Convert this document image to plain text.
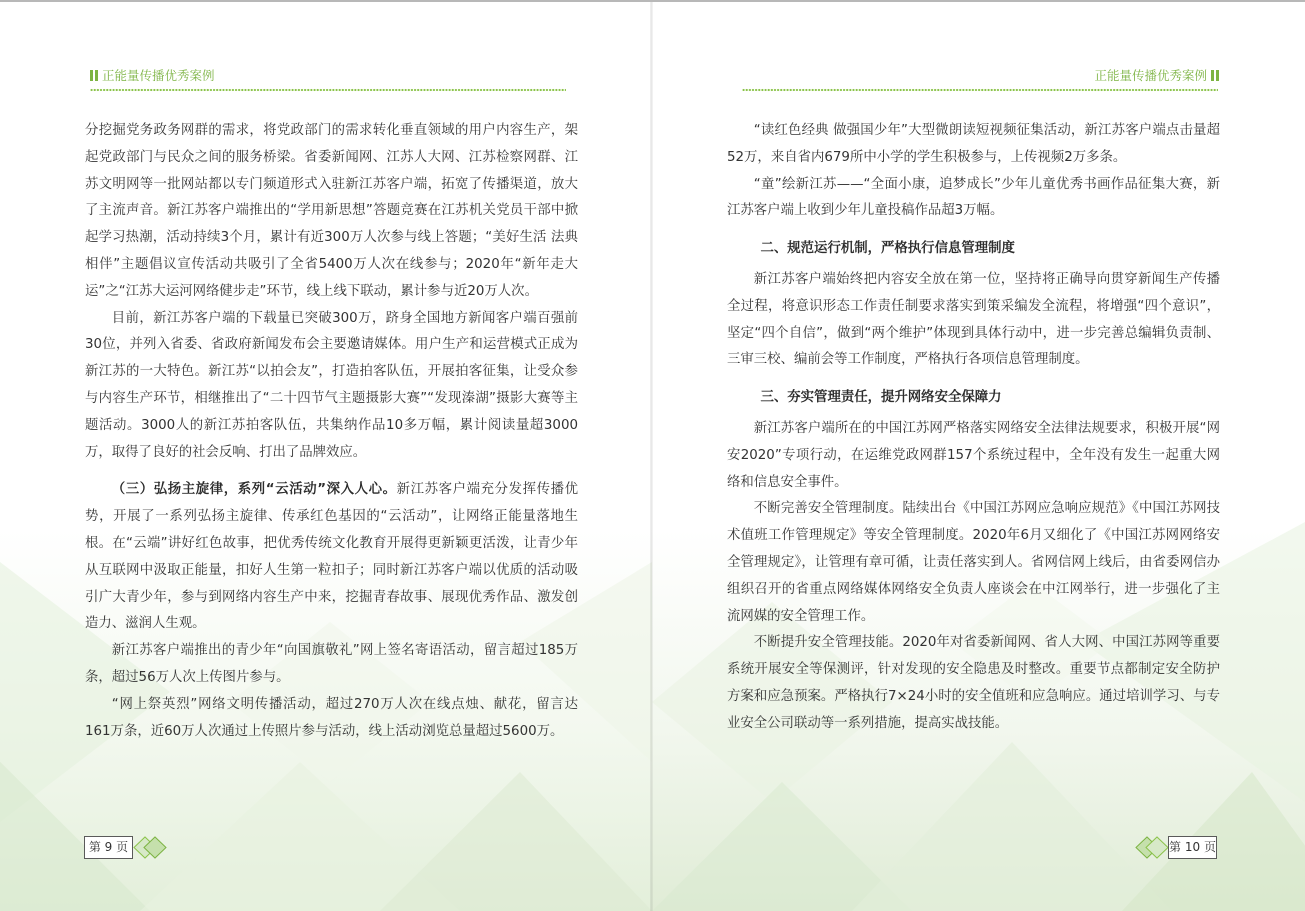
正能量传播优秀案例

分挖掘党务政务网群的需求，将党政部门的需求转化垂直领域的用户内容生产，架起党政部门与民众之间的服务桥梁。省委新闻网、江苏人大网、江苏检察网群、江苏文明网等一批网站都以专门频道形式入驻新江苏客户端，拓宽了传播渠道，放大了主流声音。新江苏客户端推出的“学用新思想”答题竞赛在江苏机关党员干部中掀起学习热潮，活动持续3个月，累计有近300万人次参与线上答题；“美好生活 法典相伴”主题倡议宣传活动共吸引了全省5400万人次在线参与；2020年“新年走大运”之“江苏大运河网络健步走”环节，线上线下联动，累计参与近20万人次。

目前，新江苏客户端的下载量已突破300万，跻身全国地方新闻客户端百强前30位，并列入省委、省政府新闻发布会主要邀请媒体。用户生产和运营模式正成为新江苏的一大特色。新江苏“以拍会友”，打造拍客队伍，开展拍客征集，让受众参与内容生产环节，相继推出了“二十四节气主题摄影大赛”“发现溱湖”摄影大赛等主题活动。3000人的新江苏拍客队伍，共集纳作品10多万幅，累计阅读量超3000万，取得了良好的社会反响、打出了品牌效应。

（三）弘扬主旋律，系列“云活动”深入人心。新江苏客户端充分发挥传播优势，开展了一系列弘扬主旋律、传承红色基因的“云活动”，让网络正能量落地生根。在“云端”讲好红色故事，把优秀传统文化教育开展得更新颖更活泼，让青少年从互联网中汲取正能量，扣好人生第一粒扣子；同时新江苏客户端以优质的活动吸引广大青少年，参与到网络内容生产中来，挖掘青春故事、展现优秀作品、激发创造力、滋润人生观。

新江苏客户端推出的青少年“向国旗敬礼”网上签名寄语活动，留言超过185万条，超过56万人次上传图片参与。

“网上祭英烈”网络文明传播活动，超过270万人次在线点烛、献花，留言达161万条，近60万人次通过上传照片参与活动，线上活动浏览总量超过5600万。

第 9 页
正能量传播优秀案例

“读红色经典 做强国少年”大型微朗读短视频征集活动，新江苏客户端点击量超52万，来自省内679所中小学的学生积极参与，上传视频2万多条。

“童”绘新江苏——“全面小康，追梦成长”少年儿童优秀书画作品征集大赛，新江苏客户端上收到少年儿童投稿作品超3万幅。

二、规范运行机制，严格执行信息管理制度

新江苏客户端始终把内容安全放在第一位，坚持将正确导向贯穿新闻生产传播全过程，将意识形态工作责任制要求落实到策采编发全流程，将增强“四个意识”，坚定“四个自信”，做到“两个维护”体现到具体行动中，进一步完善总编辑负责制、三审三校、编前会等工作制度，严格执行各项信息管理制度。

三、夯实管理责任，提升网络安全保障力

新江苏客户端所在的中国江苏网严格落实网络安全法律法规要求，积极开展“网安2020”专项行动，在运维党政网群157个系统过程中，全年没有发生一起重大网络和信息安全事件。

不断完善安全管理制度。陆续出台《中国江苏网应急响应规范》《中国江苏网技术值班工作管理规定》等安全管理制度。2020年6月又细化了《中国江苏网网络安全管理规定》，让管理有章可循，让责任落实到人。省网信网上线后，由省委网信办组织召开的省重点网络媒体网络安全负责人座谈会在中江网举行，进一步强化了主流网媒的安全管理工作。

不断提升安全管理技能。2020年对省委新闻网、省人大网、中国江苏网等重要系统开展安全等保测评，针对发现的安全隐患及时整改。重要节点都制定安全防护方案和应急预案。严格执行7×24小时的安全值班和应急响应。通过培训学习、与专业安全公司联动等一系列措施，提高实战技能。

第 10 页
